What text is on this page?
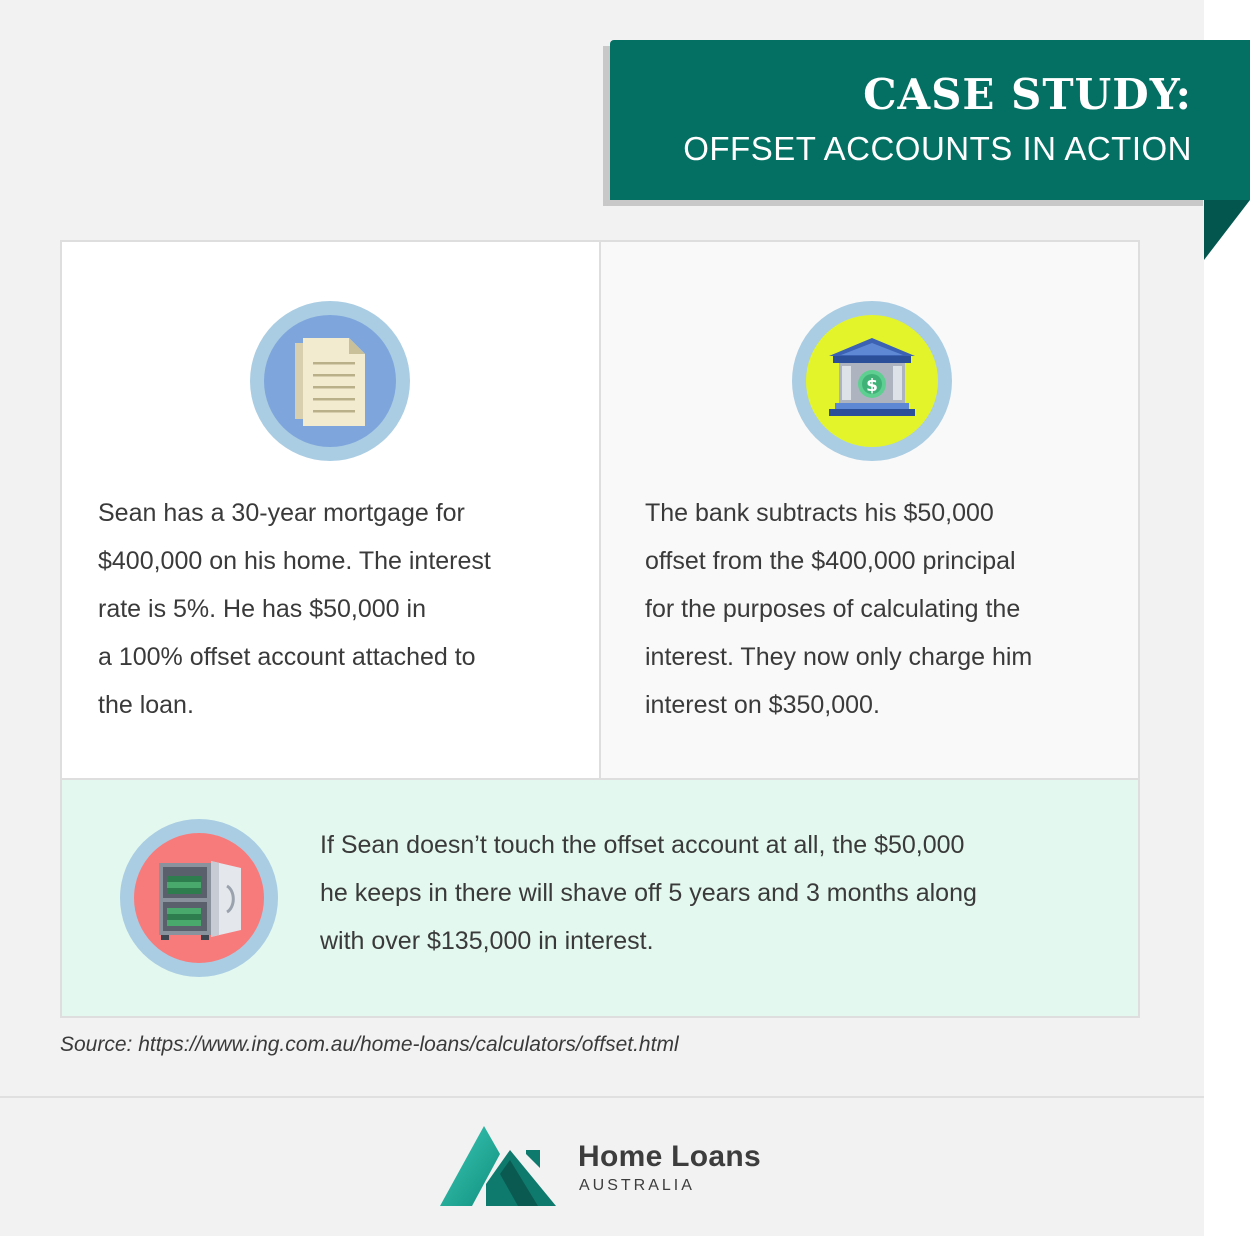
CASE STUDY:
OFFSET ACCOUNTS IN ACTION

Sean has a 30-year mortgage for
$400,000 on his home. The interest
rate is 5%. He has $50,000 in
a 100% offset account attached to
the loan.

$

The bank subtracts his $50,000
offset from the $400,000 principal
for the purposes of calculating the
interest. They now only charge him
interest on $350,000.

If Sean doesn’t touch the offset account at all, the $50,000
he keeps in there will shave off 5 years and 3 months along
with over $135,000 in interest.

Source: https://www.ing.com.au/home-loans/calculators/offset.html
Home Loans
AUSTRALIA
